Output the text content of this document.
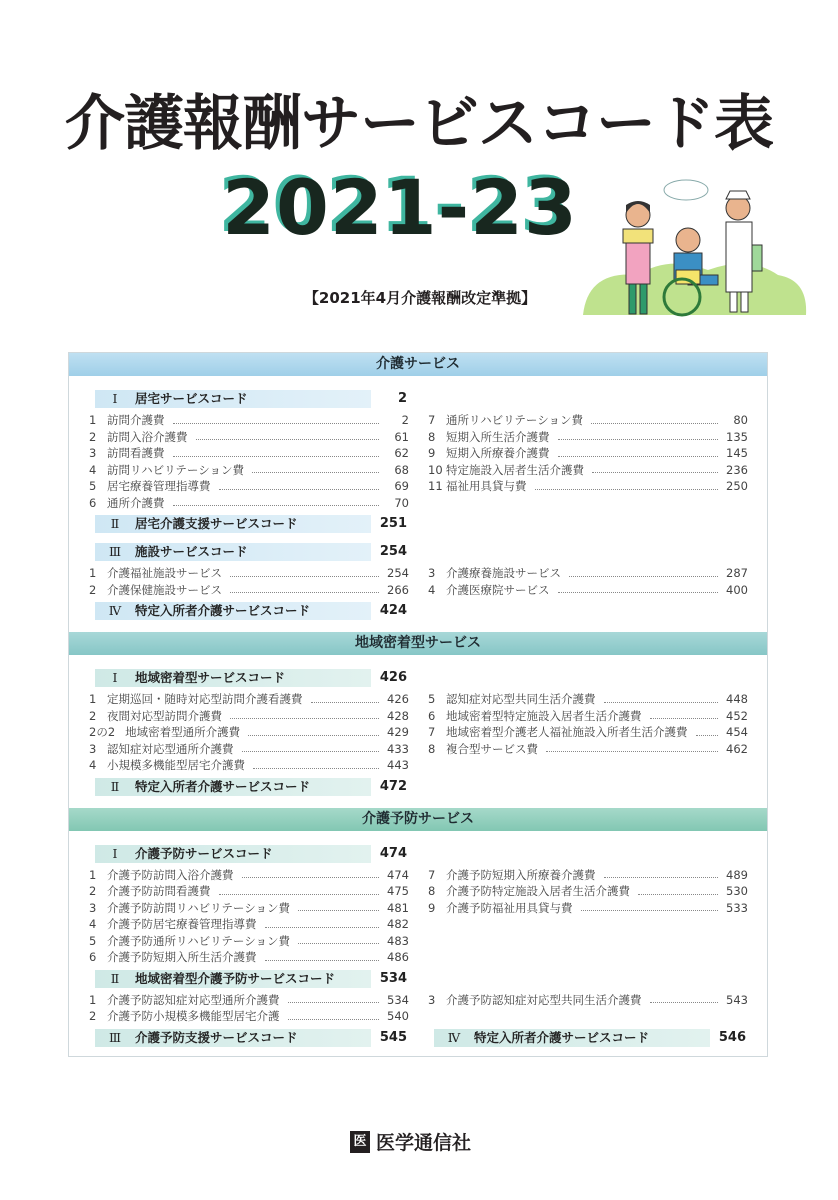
介護報酬サービスコード表
2021-23
【2021年4月介護報酬改定準拠】
介護サービス
Ⅰ 居宅サービスコード	2
1 訪問介護費	2
2 訪問入浴介護費	61
3 訪問看護費	62
4 訪問リハビリテーション費	68
5 居宅療養管理指導費	69
6 通所介護費	70
7 通所リハビリテーション費	80
8 短期入所生活介護費	135
9 短期入所療養介護費	145
10 特定施設入居者生活介護費	236
11 福祉用具貸与費	250
Ⅱ 居宅介護支援サービスコード	251
Ⅲ 施設サービスコード	254
1 介護福祉施設サービス	254
2 介護保健施設サービス	266
3 介護療養施設サービス	287
4 介護医療院サービス	400
Ⅳ 特定入所者介護サービスコード	424
地域密着型サービス
Ⅰ 地域密着型サービスコード	426
1 定期巡回・随時対応型訪問介護看護費	426
2 夜間対応型訪問介護費	428
2の2 地域密着型通所介護費	429
3 認知症対応型通所介護費	433
4 小規模多機能型居宅介護費	443
5 認知症対応型共同生活介護費	448
6 地域密着型特定施設入居者生活介護費	452
7 地域密着型介護老人福祉施設入所者生活介護費	454
8 複合型サービス費	462
Ⅱ 特定入所者介護サービスコード	472
介護予防サービス
Ⅰ 介護予防サービスコード	474
1 介護予防訪問入浴介護費	474
2 介護予防訪問看護費	475
3 介護予防訪問リハビリテーション費	481
4 介護予防居宅療養管理指導費	482
5 介護予防通所リハビリテーション費	483
6 介護予防短期入所生活介護費	486
7 介護予防短期入所療養介護費	489
8 介護予防特定施設入居者生活介護費	530
9 介護予防福祉用具貸与費	533
Ⅱ 地域密着型介護予防サービスコード	534
1 介護予防認知症対応型通所介護費	534
2 介護予防小規模多機能型居宅介護	540
3 介護予防認知症対応型共同生活介護費	543
Ⅲ 介護予防支援サービスコード	545	Ⅳ 特定入所者介護サービスコード	546
医 医学通信社
